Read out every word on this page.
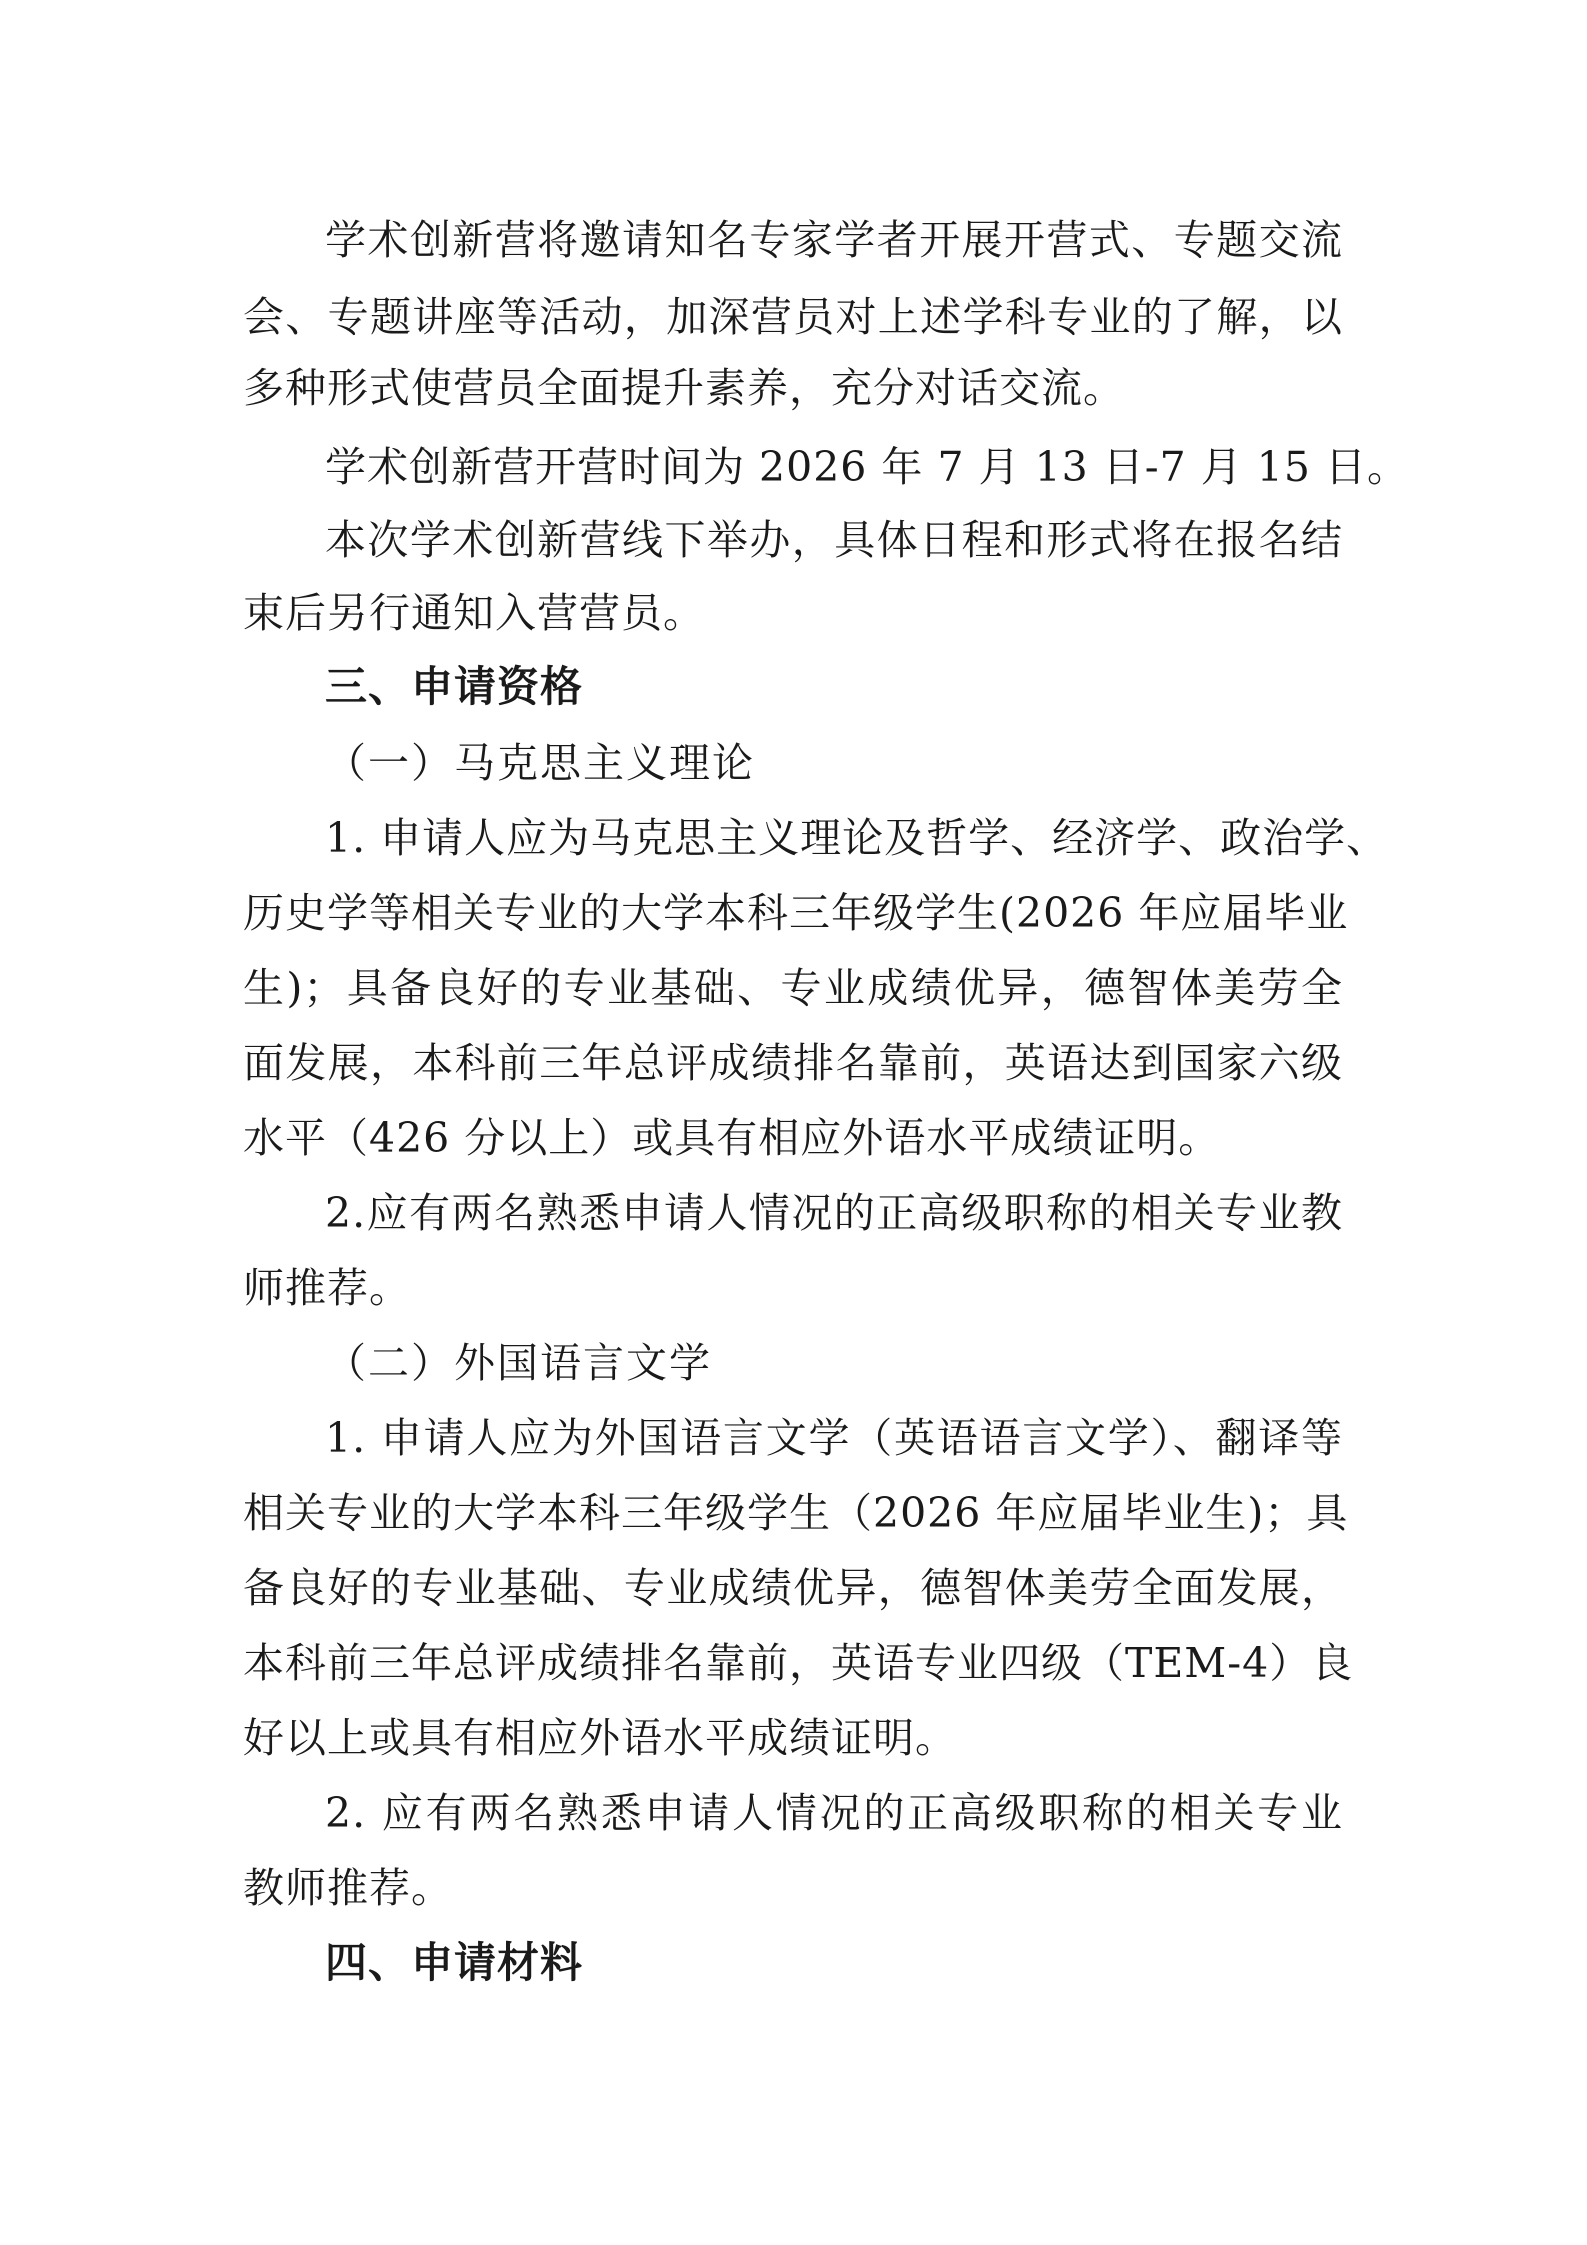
学术创新营将邀请知名专家学者开展开营式、专题交流
会、专题讲座等活动，加深营员对上述学科专业的了解，以
多种形式使营员全面提升素养，充分对话交流。
学术创新营开营时间为 2026 年 7 月 13 日-7 月 15 日。
本次学术创新营线下举办，具体日程和形式将在报名结
束后另行通知入营营员。
三、申请资格
（一）马克思主义理论
1. 申请人应为马克思主义理论及哲学、经济学、政治学、
历史学等相关专业的大学本科三年级学生(2026 年应届毕业
生)；具备良好的专业基础、专业成绩优异，德智体美劳全
面发展，本科前三年总评成绩排名靠前，英语达到国家六级
水平（426 分以上）或具有相应外语水平成绩证明。
2.应有两名熟悉申请人情况的正高级职称的相关专业教
师推荐。
（二）外国语言文学
1. 申请人应为外国语言文学（英语语言文学）、翻译等
相关专业的大学本科三年级学生（2026 年应届毕业生)；具
备良好的专业基础、专业成绩优异，德智体美劳全面发展，
本科前三年总评成绩排名靠前，英语专业四级（TEM-4）良
好以上或具有相应外语水平成绩证明。
2. 应有两名熟悉申请人情况的正高级职称的相关专业
教师推荐。
四、申请材料
